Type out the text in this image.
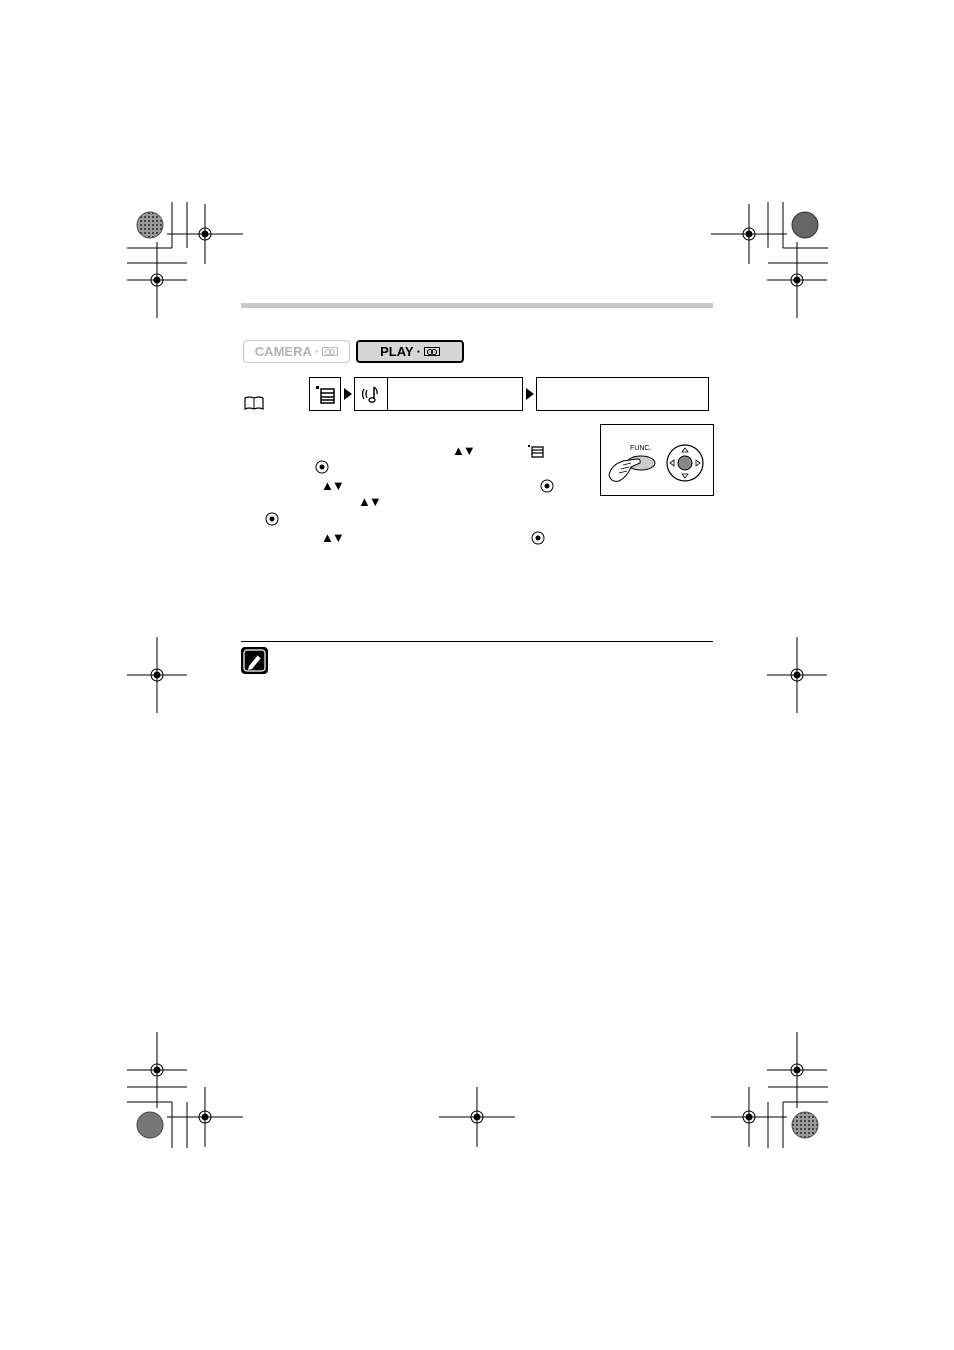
CAMERA ·	PLAY ·
▲▼
▲▼
▲▼
▲▼
FUNC.
